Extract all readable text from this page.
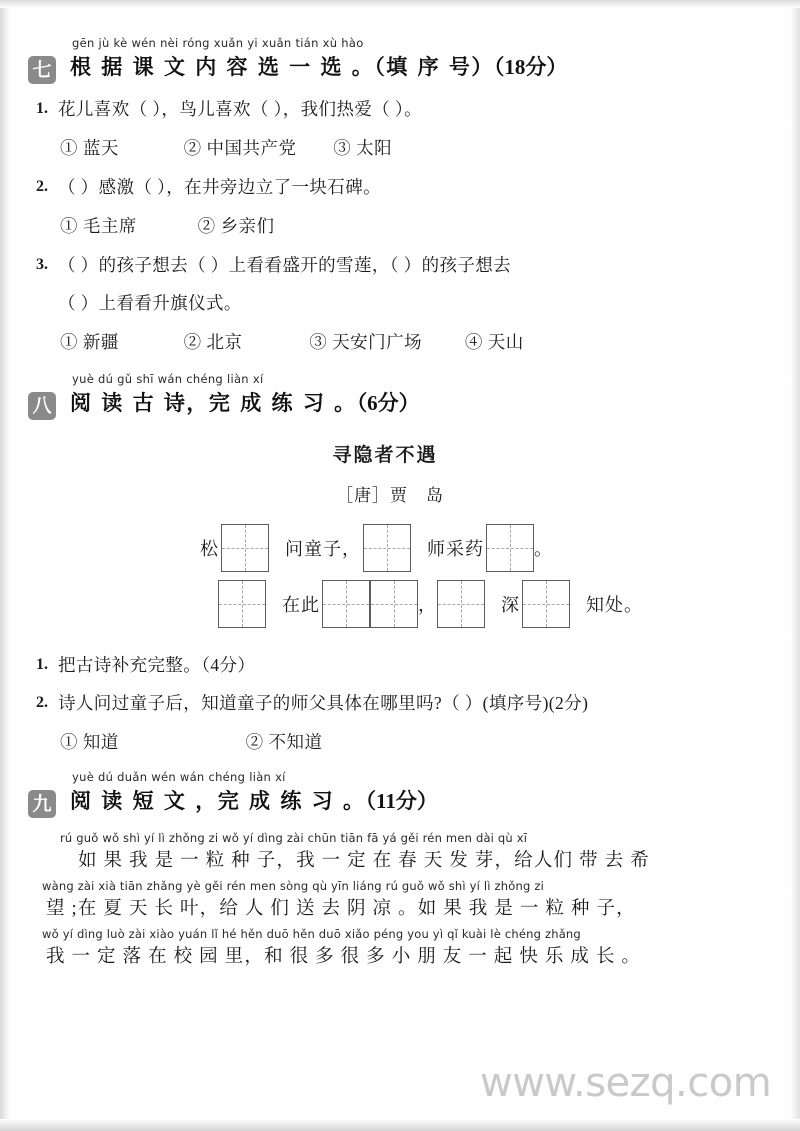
七
gēn jù kè wén nèi róng xuǎn yi xuǎn tián xù hào
根 据 课 文 内 容 选 一 选 。（填 序 号）（18分）
1. 花儿喜欢（ ），鸟儿喜欢（ ），我们热爱（ ）。
① 蓝天	② 中国共产党 ③ 太阳
2. （ ）感激（ ），在井旁边立了一块石碑。
① 毛主席	② 乡亲们
3. （ ）的孩子想去（ ）上看看盛开的雪莲，（ ）的孩子想去
（ ）上看看升旗仪式。
① 新疆	② 北京	③ 天安门广场 ④ 天山
八
yuè dú gǔ shī wán chéng liàn xí
阅 读 古 诗，完 成 练 习 。（6分）
寻隐者不遇
［唐］贾　岛
松	问童子，	师采药	。
在此	，	深	知处。
1. 把古诗补充完整。（4分）
2. 诗人问过童子后，知道童子的师父具体在哪里吗?（ ）(填序号)(2分)
① 知道	② 不知道
九
yuè dú duǎn wén wán chéng liàn xí
阅 读 短 文 ，完 成 练 习 。（11分）
rú guǒ wǒ shì yí lì zhǒng zi wǒ yí dìng zài chūn tiān fā yá gěi rén men dài qù xī
如 果 我 是 一 粒 种 子，我 一 定 在 春 天 发 芽，给人们 带 去 希
wàng zài xià tiān zhǎng yè gěi rén men sòng qù yīn liáng rú guǒ wǒ shì yí lì zhǒng zi
望 ;在 夏 天 长 叶，给 人 们 送 去 阴 凉 。如 果 我 是 一 粒 种 子，
wǒ yí dìng luò zài xiào yuán lǐ hé hěn duō hěn duō xiǎo péng you yì qǐ kuài lè chéng zhǎng
我 一 定 落 在 校 园 里，和 很 多 很 多 小 朋 友 一 起 快 乐 成 长 。
www.sezq.com
